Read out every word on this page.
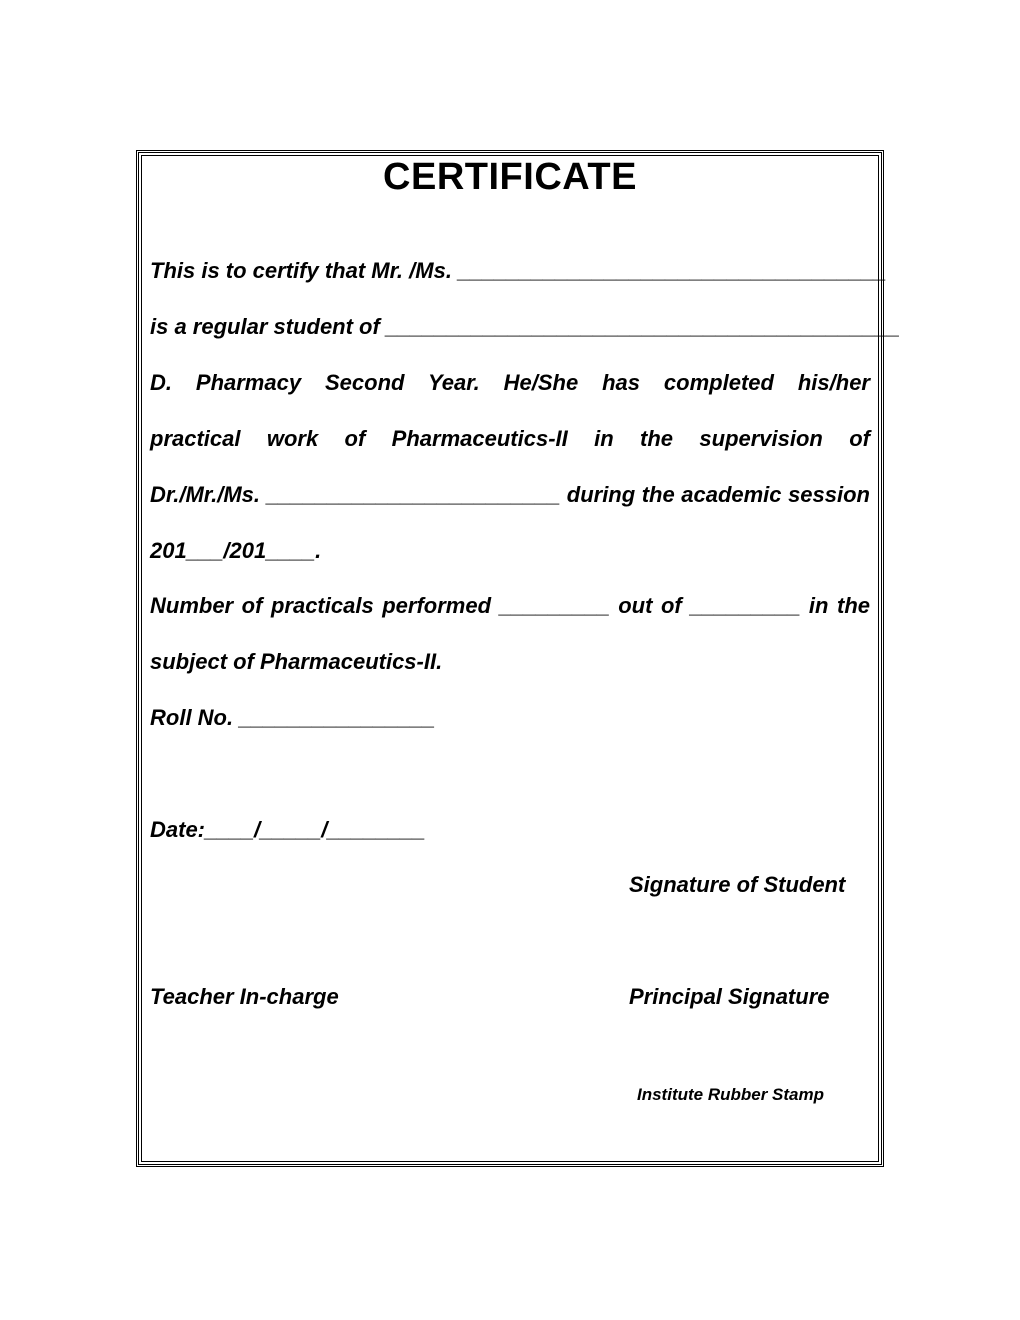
CERTIFICATE
This is to certify that Mr. /Ms. ___________________________________
is a regular student of __________________________________________
D. Pharmacy Second Year. He/She has completed his/her
practical work of Pharmaceutics-II in the supervision of
Dr./Mr./Ms. ________________________ during the academic session
201___/201____.
Number of practicals performed _________ out of _________ in the
subject of Pharmaceutics-II.
Roll No. ________________
Date:____/_____/________
Signature of Student
Teacher In-charge	Principal Signature
Institute Rubber Stamp
